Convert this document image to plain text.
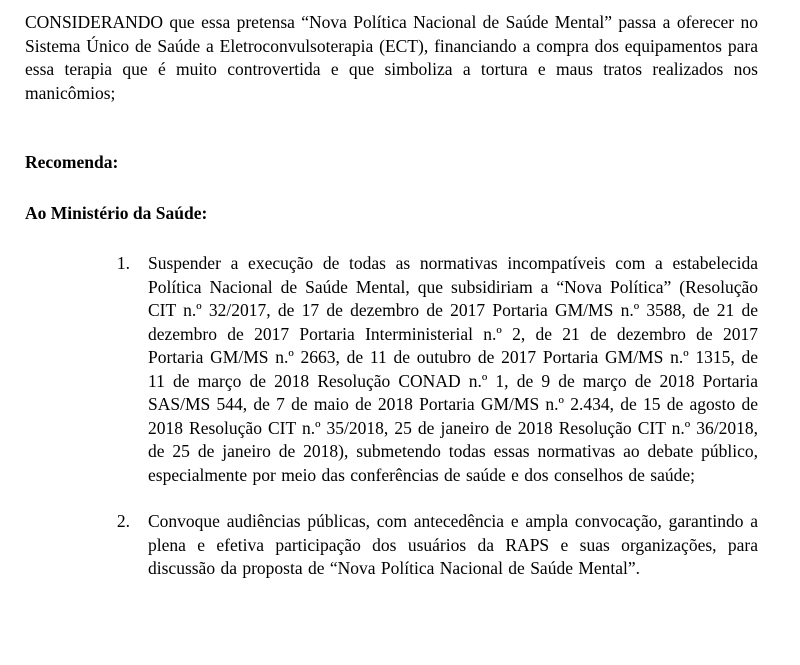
CONSIDERANDO que essa pretensa “Nova Política Nacional de Saúde Mental” passa a oferecer no Sistema Único de Saúde a Eletroconvulsoterapia (ECT), financiando a compra dos equipamentos para essa terapia que é muito controvertida e que simboliza a tortura e maus tratos realizados nos manicômios;

Recomenda:

Ao Ministério da Saúde:

1. Suspender a execução de todas as normativas incompatíveis com a estabelecida Política Nacional de Saúde Mental, que subsidiriam a “Nova Política” (Resolução CIT n.º 32/2017, de 17 de dezembro de 2017 Portaria GM/MS n.º 3588, de 21 de dezembro de 2017 Portaria Interministerial n.º 2, de 21 de dezembro de 2017 Portaria GM/MS n.º 2663, de 11 de outubro de 2017 Portaria GM/MS n.º 1315, de 11 de março de 2018 Resolução CONAD n.º 1, de 9 de março de 2018 Portaria SAS/MS 544, de 7 de maio de 2018 Portaria GM/MS n.º 2.434, de 15 de agosto de 2018 Resolução CIT n.º 35/2018, 25 de janeiro de 2018 Resolução CIT n.º 36/2018, de 25 de janeiro de 2018), submetendo todas essas normativas ao debate público, especialmente por meio das conferências de saúde e dos conselhos de saúde;

2. Convoque audiências públicas, com antecedência e ampla convocação, garantindo a plena e efetiva participação dos usuários da RAPS e suas organizações, para discussão da proposta de “Nova Política Nacional de Saúde Mental”.
